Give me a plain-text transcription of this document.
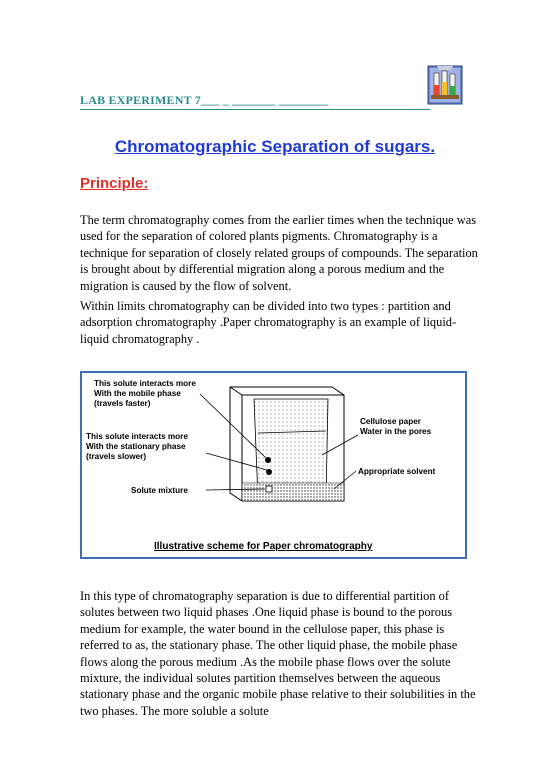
LAB EXPERIMENT 7___ _ _______ ________
Chromatographic Separation of sugars.
Principle:

The term chromatography comes from the earlier times when the technique was used for the separation of colored plants pigments. Chromatography is a technique for separation of closely related groups of compounds. The separation is brought about by differential migration along a porous medium and the migration is caused by the flow of solvent.

Within limits chromatography can be divided into two types : partition and adsorption chromatography .Paper chromatography is an example of liquid-liquid chromatography .

This solute interacts more
With the mobile phase
(travels faster)

This solute interacts more
With the stationary phase
(travels slower)

Solute mixture

Cellulose paper
Water in the pores

Appropriate solvent

Illustrative scheme for Paper chromatography

In this type of chromatography separation is due to differential partition of solutes between two liquid phases .One liquid phase is bound to the porous medium for example, the water bound in the cellulose paper, this phase is referred to as, the stationary phase. The other liquid phase, the mobile phase flows along the porous medium .As the mobile phase flows over the solute mixture, the individual solutes partition themselves between the aqueous stationary phase and the organic mobile phase relative to their solubilities in the two phases. The more soluble a solute
